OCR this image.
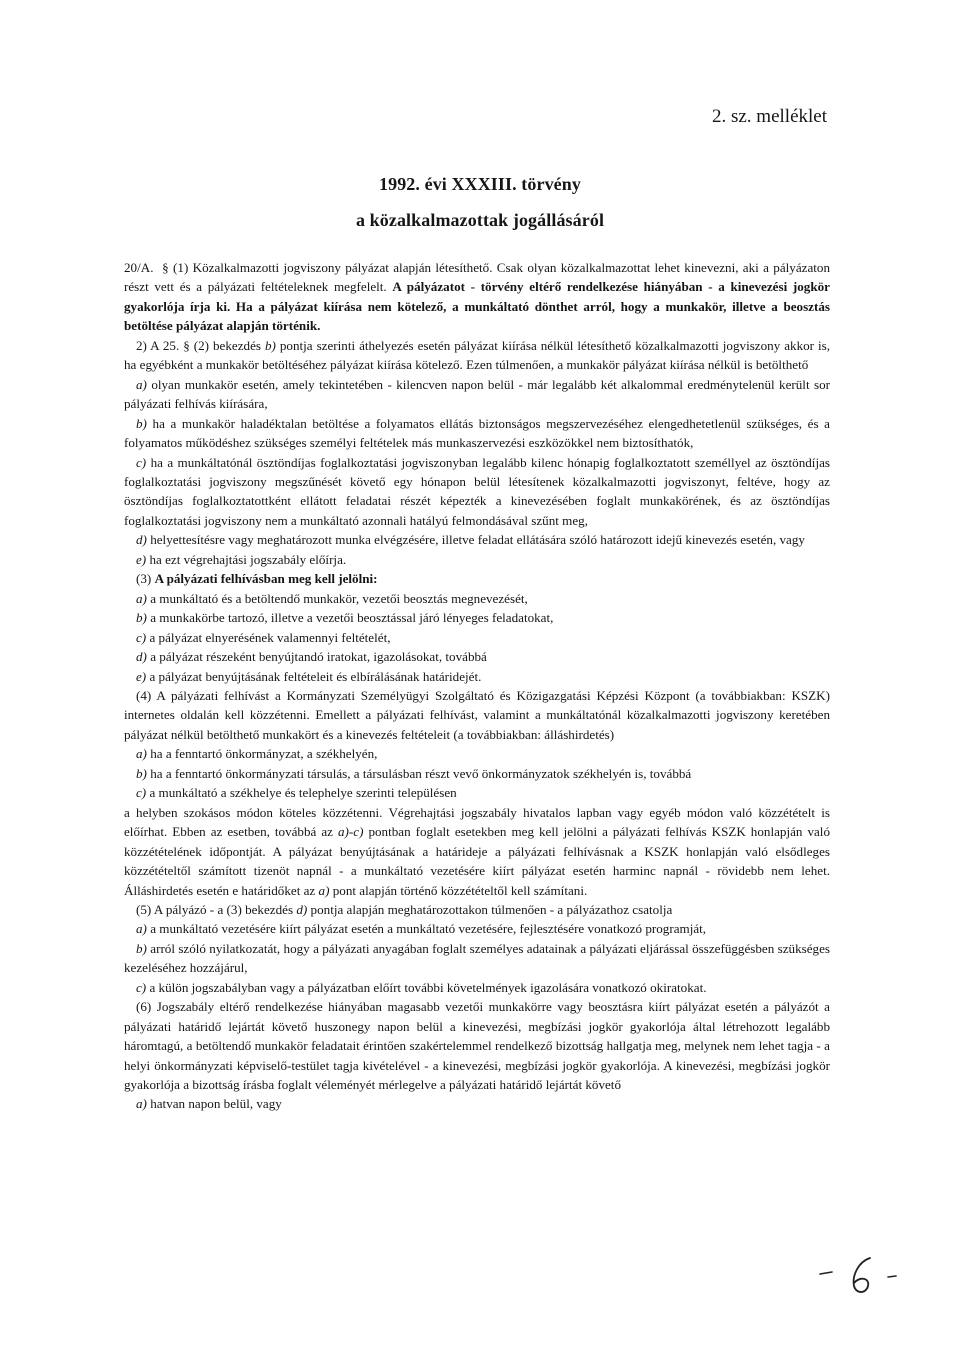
2. sz. melléklet
1992. évi XXXIII. törvény
a közalkalmazottak jogállásáról

20/A. § (1) Közalkalmazotti jogviszony pályázat alapján létesíthető. Csak olyan közalkalmazottat lehet kinevezni, aki a pályázaton részt vett és a pályázati feltételeknek megfelelt. A pályázatot - törvény eltérő rendelkezése hiányában - a kinevezési jogkör gyakorlója írja ki. Ha a pályázat kiírása nem kötelező, a munkáltató dönthet arról, hogy a munkakör, illetve a beosztás betöltése pályázat alapján történik.

2) A 25. § (2) bekezdés b) pontja szerinti áthelyezés esetén pályázat kiírása nélkül létesíthető közalkalmazotti jogviszony akkor is, ha egyébként a munkakör betöltéséhez pályázat kiírása kötelező. Ezen túlmenően, a munkakör pályázat kiírása nélkül is betölthető

a) olyan munkakör esetén, amely tekintetében - kilencven napon belül - már legalább két alkalommal eredménytelenül került sor pályázati felhívás kiírására,

b) ha a munkakör haladéktalan betöltése a folyamatos ellátás biztonságos megszervezéséhez elengedhetetlenül szükséges, és a folyamatos működéshez szükséges személyi feltételek más munkaszervezési eszközökkel nem biztosíthatók,

c) ha a munkáltatónál ösztöndíjas foglalkoztatási jogviszonyban legalább kilenc hónapig foglalkoztatott személlyel az ösztöndíjas foglalkoztatási jogviszony megszűnését követő egy hónapon belül létesítenek közalkalmazotti jogviszonyt, feltéve, hogy az ösztöndíjas foglalkoztatottként ellátott feladatai részét képezték a kinevezésében foglalt munkakörének, és az ösztöndíjas foglalkoztatási jogviszony nem a munkáltató azonnali hatályú felmondásával szűnt meg,

d) helyettesítésre vagy meghatározott munka elvégzésére, illetve feladat ellátására szóló határozott idejű kinevezés esetén, vagy

e) ha ezt végrehajtási jogszabály előírja.

(3) A pályázati felhívásban meg kell jelölni:

a) a munkáltató és a betöltendő munkakör, vezetői beosztás megnevezését,

b) a munkakörbe tartozó, illetve a vezetői beosztással járó lényeges feladatokat,

c) a pályázat elnyerésének valamennyi feltételét,

d) a pályázat részeként benyújtandó iratokat, igazolásokat, továbbá

e) a pályázat benyújtásának feltételeit és elbírálásának határidejét.

(4) A pályázati felhívást a Kormányzati Személyügyi Szolgáltató és Közigazgatási Képzési Központ (a továbbiakban: KSZK) internetes oldalán kell közzétenni. Emellett a pályázati felhívást, valamint a munkáltatónál közalkalmazotti jogviszony keretében pályázat nélkül betölthető munkakört és a kinevezés feltételeit (a továbbiakban: álláshirdetés)

a) ha a fenntartó önkormányzat, a székhelyén,

b) ha a fenntartó önkormányzati társulás, a társulásban részt vevő önkormányzatok székhelyén is, továbbá

c) a munkáltató a székhelye és telephelye szerinti településen

a helyben szokásos módon köteles közzétenni. Végrehajtási jogszabály hivatalos lapban vagy egyéb módon való közzétételt is előírhat. Ebben az esetben, továbbá az a)-c) pontban foglalt esetekben meg kell jelölni a pályázati felhívás KSZK honlapján való közzétételének időpontját. A pályázat benyújtásának a határideje a pályázati felhívásnak a KSZK honlapján való elsődleges közzétételtől számított tizenöt napnál - a munkáltató vezetésére kiírt pályázat esetén harminc napnál - rövidebb nem lehet. Álláshirdetés esetén e határidőket az a) pont alapján történő közzétételtől kell számítani.

(5) A pályázó - a (3) bekezdés d) pontja alapján meghatározottakon túlmenően - a pályázathoz csatolja

a) a munkáltató vezetésére kiírt pályázat esetén a munkáltató vezetésére, fejlesztésére vonatkozó programját,

b) arról szóló nyilatkozatát, hogy a pályázati anyagában foglalt személyes adatainak a pályázati eljárással összefüggésben szükséges kezeléséhez hozzájárul,

c) a külön jogszabályban vagy a pályázatban előírt további követelmények igazolására vonatkozó okiratokat.

(6) Jogszabály eltérő rendelkezése hiányában magasabb vezetői munkakörre vagy beosztásra kiírt pályázat esetén a pályázót a pályázati határidő lejártát követő huszonegy napon belül a kinevezési, megbízási jogkör gyakorlója által létrehozott legalább háromtagú, a betöltendő munkakör feladatait érintően szakértelemmel rendelkező bizottság hallgatja meg, melynek nem lehet tagja - a helyi önkormányzati képviselő-testület tagja kivételével - a kinevezési, megbízási jogkör gyakorlója. A kinevezési, megbízási jogkör gyakorlója a bizottság írásba foglalt véleményét mérlegelve a pályázati határidő lejártát követő

a) hatvan napon belül, vagy
